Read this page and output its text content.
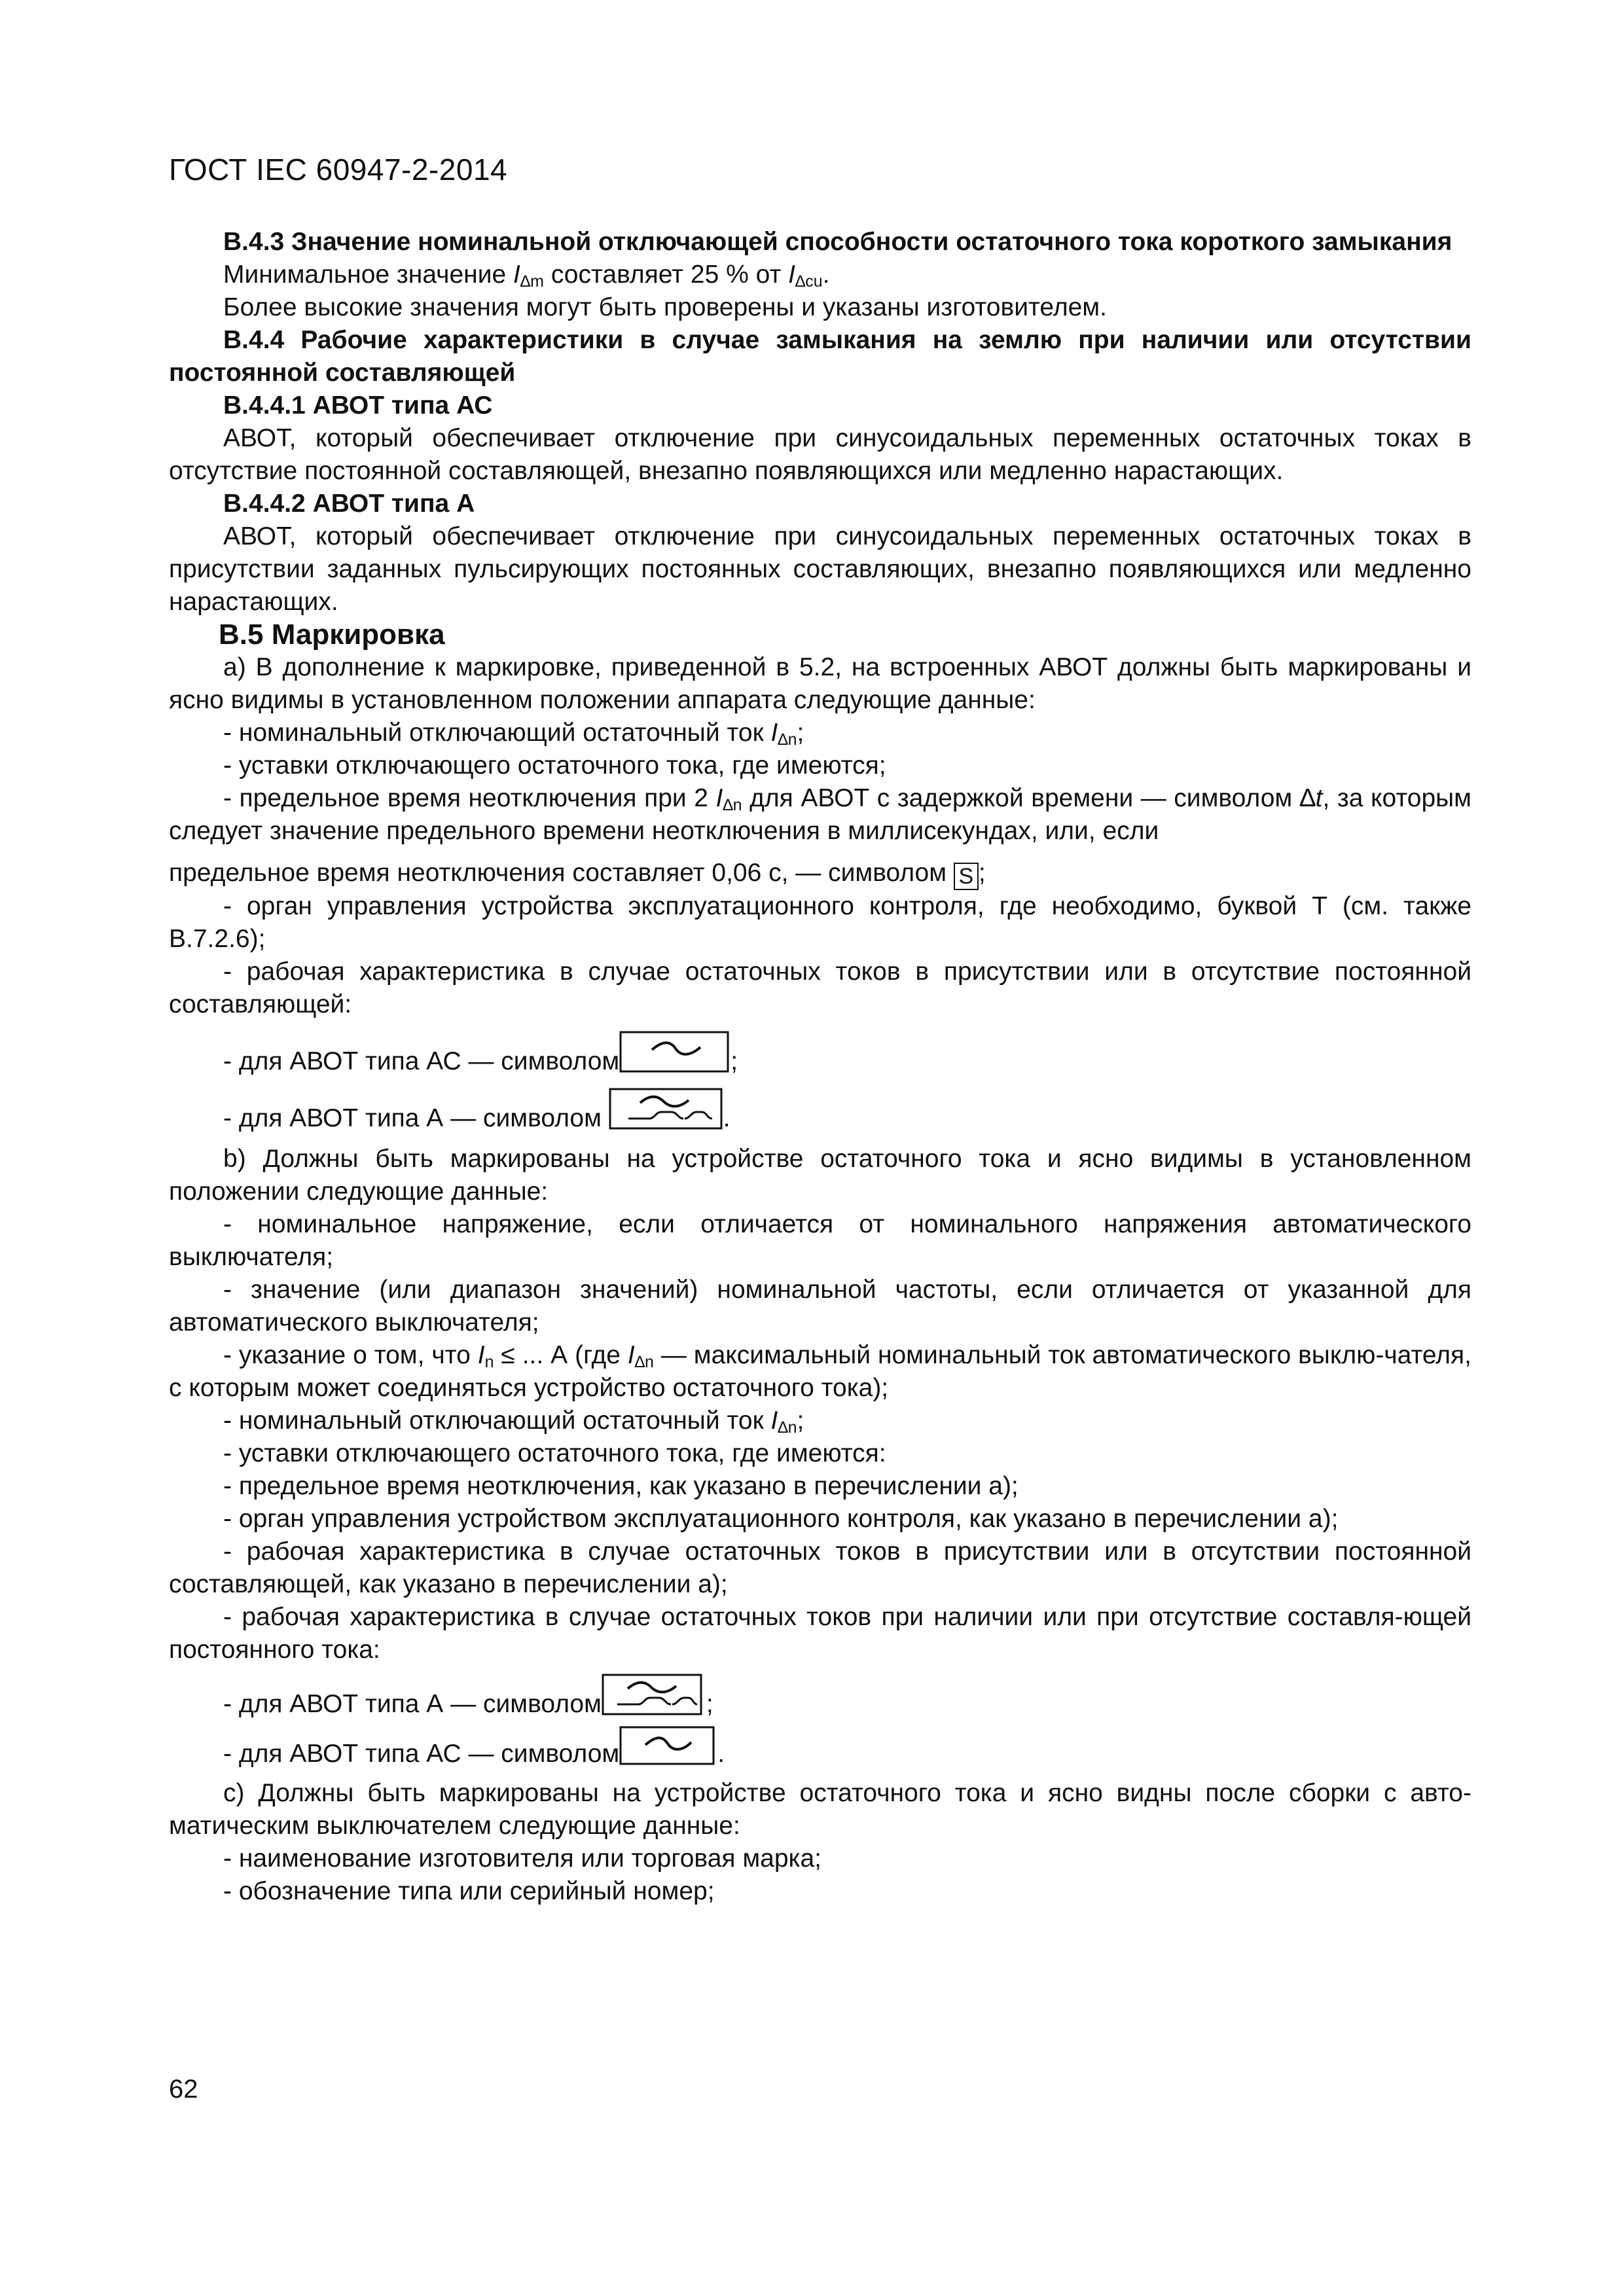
ГОСТ IEC 60947-2-2014

В.4.3 Значение номинальной отключающей способности остаточного тока короткого замыкания

Минимальное значение $I_{\Delta m}$ составляет 25 % от $I_{\Delta cu}$.

Более высокие значения могут быть проверены и указаны изготовителем.

В.4.4 Рабочие характеристики в случае замыкания на землю при наличии или отсутствии постоянной составляющей

В.4.4.1 АВОТ типа АС

АВОТ, который обеспечивает отключение при синусоидальных переменных остаточных токах в отсутствие постоянной составляющей, внезапно появляющихся или медленно нарастающих.

В.4.4.2 АВОТ типа А

АВОТ, который обеспечивает отключение при синусоидальных переменных остаточных токах в присутствии заданных пульсирующих постоянных составляющих, внезапно появляющихся или медленно нарастающих.

В.5 Маркировка

а) В дополнение к маркировке, приведенной в 5.2, на встроенных АВОТ должны быть маркированы и ясно видимы в установленном положении аппарата следующие данные:

- номинальный отключающий остаточный ток $I_{\Delta n}$;

- уставки отключающего остаточного тока, где имеются;

- предельное время неотключения при 2 $I_{\Delta n}$ для АВОТ с задержкой времени — символом ∆t, за которым следует значение предельного времени неотключения в миллисекундах, или, если

предельное время неотключения составляет 0,06 с, — символом S ;

- орган управления устройства эксплуатационного контроля, где необходимо, буквой Т (см. также В.7.2.6);

- рабочая характеристика в случае остаточных токов в присутствии или в отсутствие постоянной составляющей:

- для АВОТ типа АС — символом	;

- для АВОТ типа А — символом	.

b) Должны быть маркированы на устройстве остаточного тока и ясно видимы в установленном положении следующие данные:

- номинальное напряжение, если отличается от номинального напряжения автоматического выключателя;

- значение (или диапазон значений) номинальной частоты, если отличается от указанной для автоматического выключателя;

- указание о том, что $I_n$ ≤ ... А (где $I_{\Delta n}$ — максимальный номинальный ток автоматического выклю-чателя, с которым может соединяться устройство остаточного тока);

- номинальный отключающий остаточный ток $I_{\Delta n}$;

- уставки отключающего остаточного тока, где имеются:

- предельное время неотключения, как указано в перечислении а);

- орган управления устройством эксплуатационного контроля, как указано в перечислении а);

- рабочая характеристика в случае остаточных токов в присутствии или в отсутствии постоянной составляющей, как указано в перечислении а);

- рабочая характеристика в случае остаточных токов при наличии или при отсутствие составля-ющей постоянного тока:

- для АВОТ типа А — символом	;

- для АВОТ типа АС — символом	.

с) Должны быть маркированы на устройстве остаточного тока и ясно видны после сборки с авто-матическим выключателем следующие данные:

- наименование изготовителя или торговая марка;

- обозначение типа или серийный номер;

62
